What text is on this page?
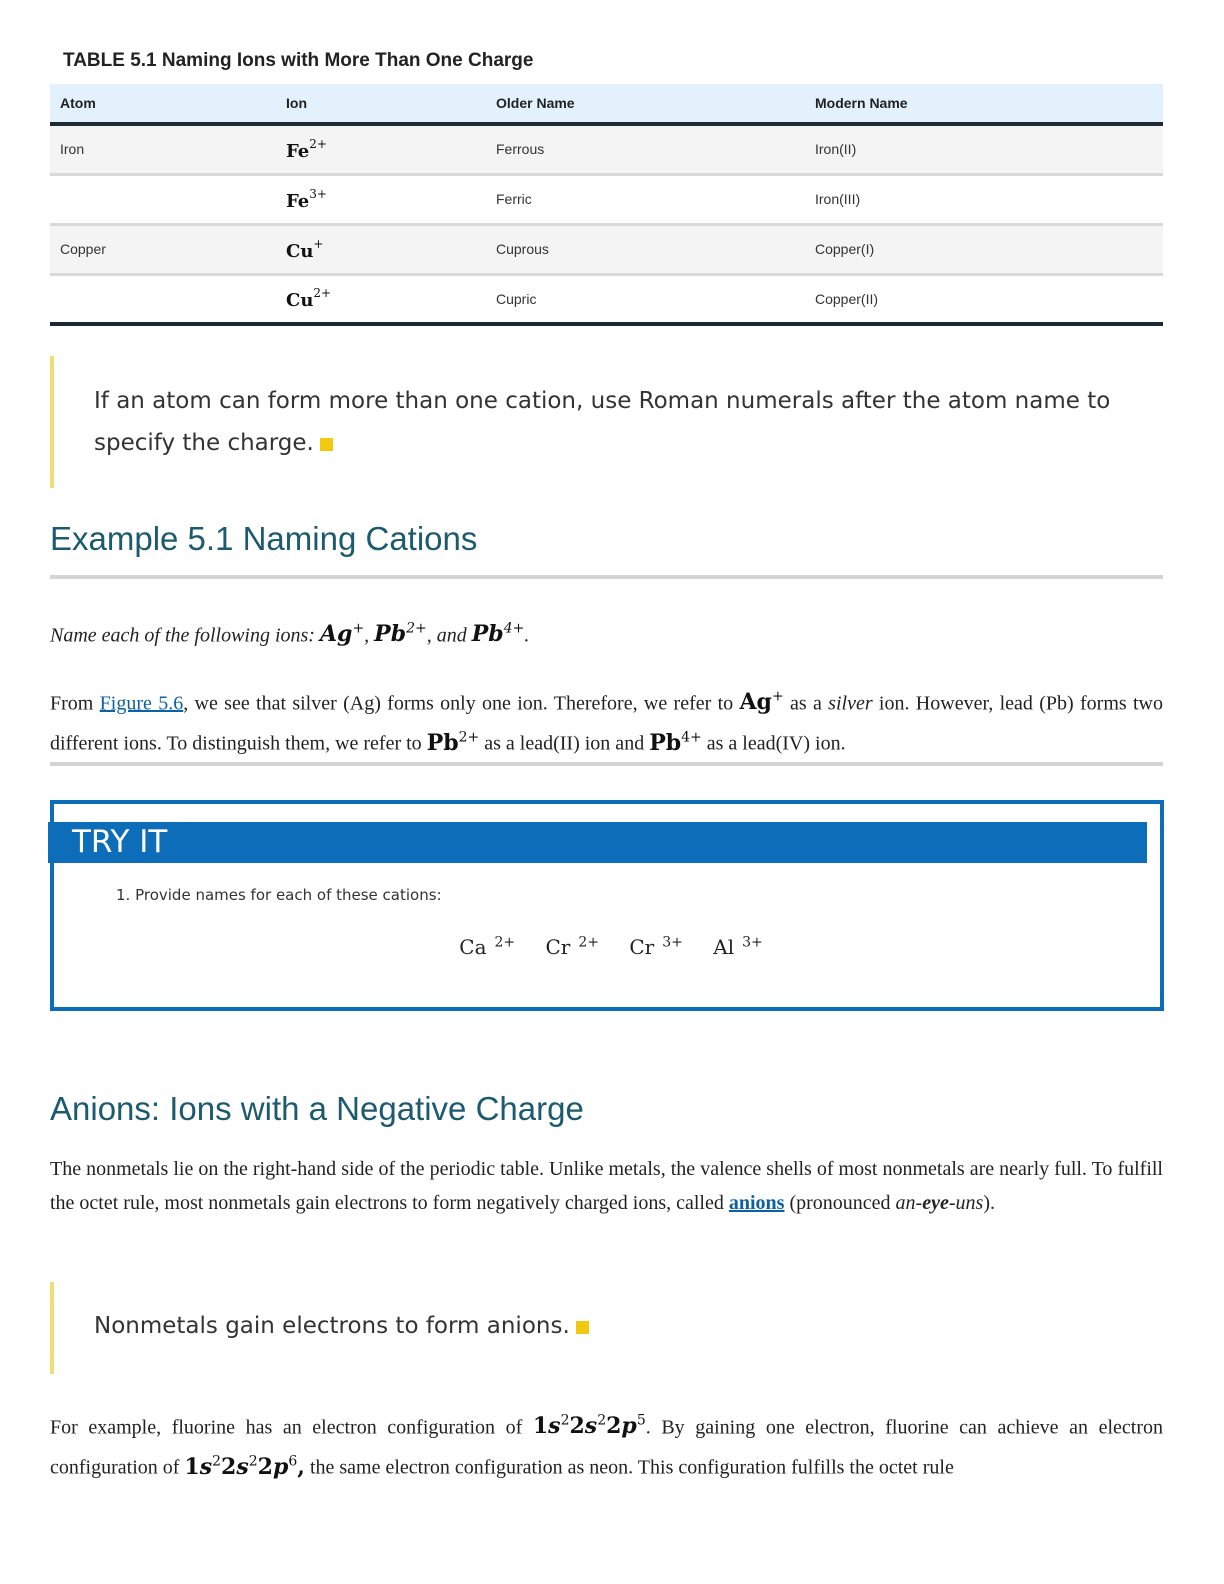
TABLE 5.1 Naming Ions with More Than One Charge
Atom	Ion	Older Name	Modern Name
Iron	$Fe^{2+}$	Ferrous	Iron(II)
	$Fe^{3+}$	Ferric	Iron(III)
Copper	Cu+	Cuprous	Copper(I)
	$Cu^{2+}$	Cupric	Copper(II)
If an atom can form more than one cation, use Roman numerals after the atom name to specify the charge.
Example 5.1 Naming Cations
Name each of the following ions: Ag+, $Pb^{2+}$, and $Pb^{4+}$.
From Figure 5.6, we see that silver (Ag) forms only one ion. Therefore, we refer to Ag+ as a silver ion. However, lead (Pb) forms two different ions. To distinguish them, we refer to $Pb^{2+}$ as a lead(II) ion and $Pb^{4+}$ as a lead(IV) ion.
TRY IT
1. Provide names for each of these cations:
Ca $^{2+}$ Cr $^{2+}$ Cr $^{3+}$ Al $^{3+}$
Anions: Ions with a Negative Charge
The nonmetals lie on the right-hand side of the periodic table. Unlike metals, the valence shells of most nonmetals are nearly full. To fulfill the octet rule, most nonmetals gain electrons to form negatively charged ions, called anions (pronounced an-eye-uns).
Nonmetals gain electrons to form anions.
For example, fluorine has an electron configuration of $1s^22s^22p^5$. By gaining one electron, fluorine can achieve an electron configuration of $1s^22s^22p^6$, the same electron configuration as neon. This configuration fulfills the octet rule
